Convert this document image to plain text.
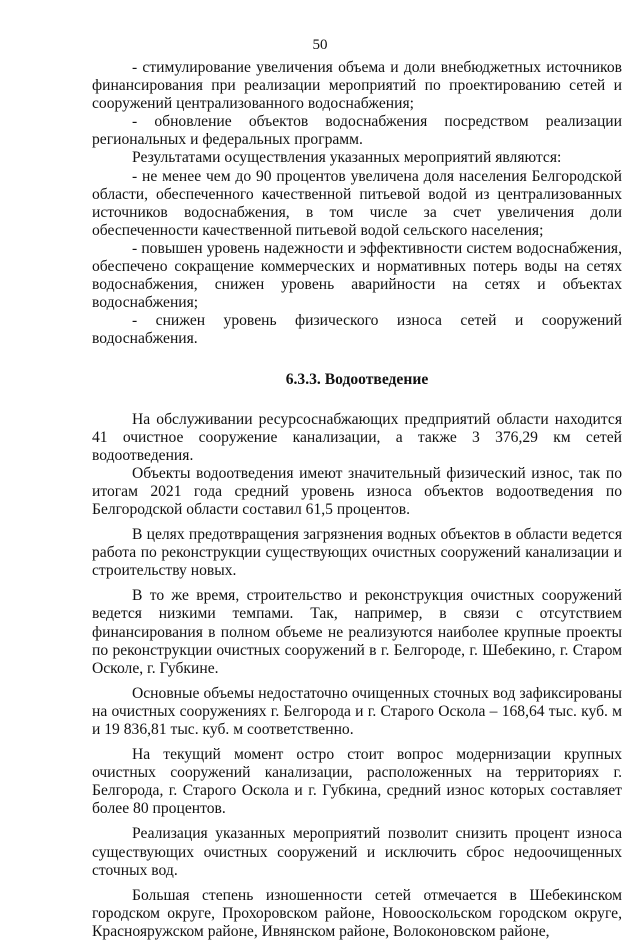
50

- стимулирование увеличения объема и доли внебюджетных источников финансирования при реализации мероприятий по проектированию сетей и сооружений централизованного водоснабжения;

- обновление объектов водоснабжения посредством реализации региональных и федеральных программ.

Результатами осуществления указанных мероприятий являются:

- не менее чем до 90 процентов увеличена доля населения Белгородской области, обеспеченного качественной питьевой водой из централизованных источников водоснабжения, в том числе за счет увеличения доли обеспеченности качественной питьевой водой сельского населения;

- повышен уровень надежности и эффективности систем водоснабжения, обеспечено сокращение коммерческих и нормативных потерь воды на сетях водоснабжения, снижен уровень аварийности на сетях и объектах водоснабжения;

- снижен уровень физического износа сетей и сооружений водоснабжения.

6.3.3. Водоотведение

На обслуживании ресурсоснабжающих предприятий области находится 41 очистное сооружение канализации, а также 3 376,29 км сетей водоотведения.

Объекты водоотведения имеют значительный физический износ, так по итогам 2021 года средний уровень износа объектов водоотведения по Белгородской области составил 61,5 процентов.

В целях предотвращения загрязнения водных объектов в области ведется работа по реконструкции существующих очистных сооружений канализации и строительству новых.

В то же время, строительство и реконструкция очистных сооружений ведется низкими темпами. Так, например, в связи с отсутствием финансирования в полном объеме не реализуются наиболее крупные проекты по реконструкции очистных сооружений в г. Белгороде, г. Шебекино, г. Старом Осколе, г. Губкине.

Основные объемы недостаточно очищенных сточных вод зафиксированы на очистных сооружениях г. Белгорода и г. Старого Оскола – 168,64 тыс. куб. м и 19 836,81 тыс. куб. м соответственно.

На текущий момент остро стоит вопрос модернизации крупных очистных сооружений канализации, расположенных на территориях г. Белгорода, г. Старого Оскола и г. Губкина, средний износ которых составляет более 80 процентов.

Реализация указанных мероприятий позволит снизить процент износа существующих очистных сооружений и исключить сброс недоочищенных сточных вод.

Большая степень изношенности сетей отмечается в Шебекинском городском округе, Прохоровском районе, Новооскольском городском округе, Краснояружском районе, Ивнянском районе, Волоконовском районе,
